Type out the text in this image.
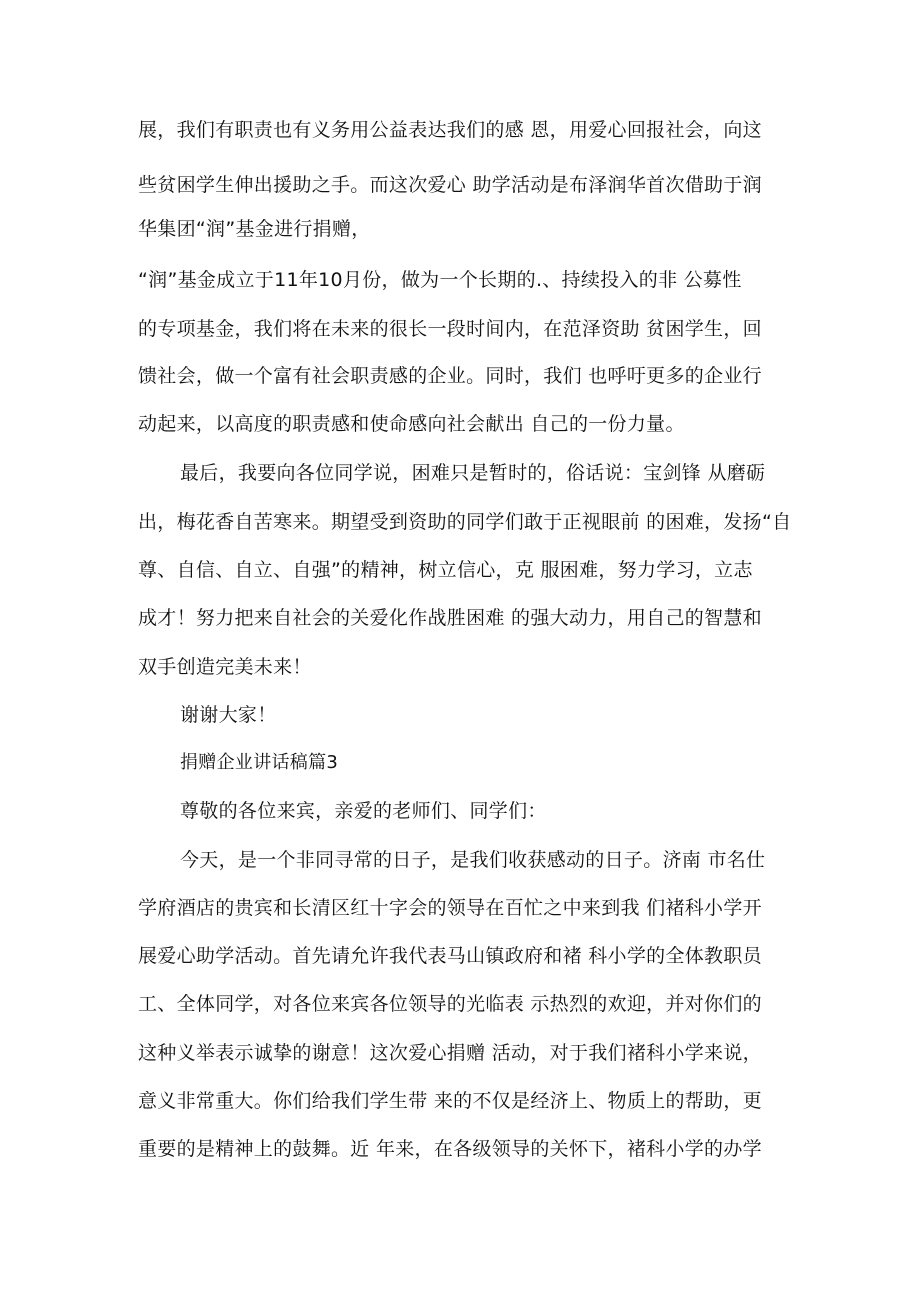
展，我们有职责也有义务用公益表达我们的感 恩，用爱心回报社会，向这
些贫困学生伸出援助之手。而这次爱心 助学活动是布泽润华首次借助于润
华集团“润”基金进行捐赠，
“润”基金成立于11年10月份，做为一个长期的.、持续投入的非 公募性
的专项基金，我们将在未来的很长一段时间内，在范泽资助 贫困学生，回
馈社会，做一个富有社会职责感的企业。同时，我们 也呼吁更多的企业行
动起来，以高度的职责感和使命感向社会献出 自己的一份力量。
最后，我要向各位同学说，困难只是暂时的，俗话说：宝剑锋 从磨砺
出，梅花香自苦寒来。期望受到资助的同学们敢于正视眼前 的困难，发扬“自
尊、自信、自立、自强”的精神，树立信心，克 服困难，努力学习，立志
成才！努力把来自社会的关爱化作战胜困难 的强大动力，用自己的智慧和
双手创造完美未来！
谢谢大家！
捐赠企业讲话稿篇3
尊敬的各位来宾，亲爱的老师们、同学们：
今天，是一个非同寻常的日子，是我们收获感动的日子。济南 市名仕
学府酒店的贵宾和长清区红十字会的领导在百忙之中来到我 们褚科小学开
展爱心助学活动。首先请允许我代表马山镇政府和褚 科小学的全体教职员
工、全体同学，对各位来宾各位领导的光临表 示热烈的欢迎，并对你们的
这种义举表示诚挚的谢意！这次爱心捐赠 活动，对于我们褚科小学来说，
意义非常重大。你们给我们学生带 来的不仅是经济上、物质上的帮助，更
重要的是精神上的鼓舞。近 年来，在各级领导的关怀下，褚科小学的办学
